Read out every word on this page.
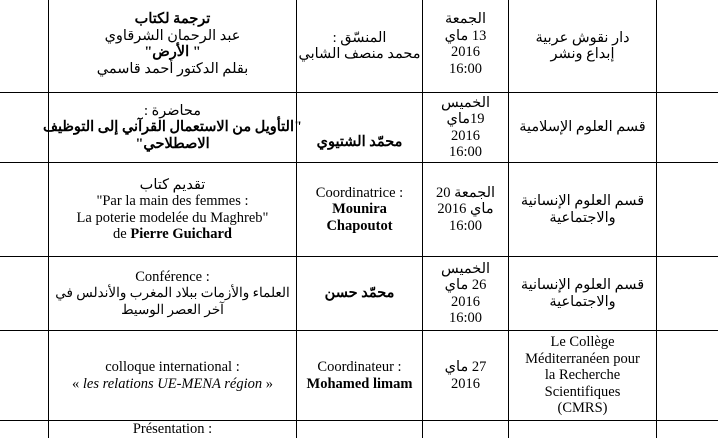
ترجمة لكتاب
عبد الرحمان الشرقاوي
" الأرض"
بقلم الدكتور أحمد قاسمي
المنسّق :
محمد منصف الشابي
الجمعة
13 ماي
2016
16:00
دار نقوش عربية
إبداع ونشر
محاضرة :
"التأويل من الاستعمال القرآني إلى التوظيف
الاصطلاحي"	محمّد الشتيوي
الخميس
19ماي
2016
16:00
قسم العلوم الإسلامية
تقديم كتاب
"Par la main des femmes :
La poterie modelée du Maghreb"
de Pierre Guichard
Coordinatrice :
Mounira
Chapoutot
الجمعة 20
ماي 2016
16:00
قسم العلوم الإنسانية
والاجتماعية
Conférence :
العلماء والأزمات ببلاد المغرب والأندلس في
آخر العصر الوسيط
محمّد حسن
الخميس
26 ماي
2016
16:00
قسم العلوم الإنسانية
والاجتماعية
colloque international :
« les relations UE-MENA région »
Coordinateur :
Mohamed limam
27 ماي
2016
Le Collège
Méditerranéen pour
la Recherche
Scientifiques
(CMRS)
Présentation :
